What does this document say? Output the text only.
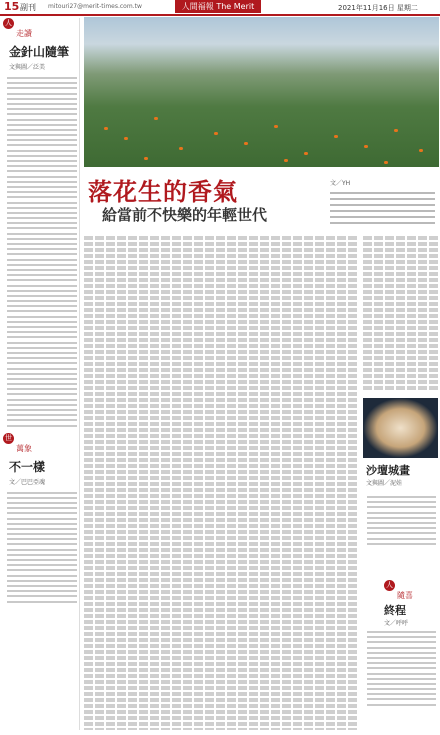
15 副刊 mitouri27@merit-times.com.tw	人間福報 The Merit	2021年11月16日 星期二
人間 走讀
金針山隨筆
文與圖／泛美
世間 萬象
不一樣
文／巴巴亞魂
落花生的香氣
給當前不快樂的年輕世代
文／YH
沙壇城畫
文與圖／泥娃
人間 隨喜
終程
文／呼呼
